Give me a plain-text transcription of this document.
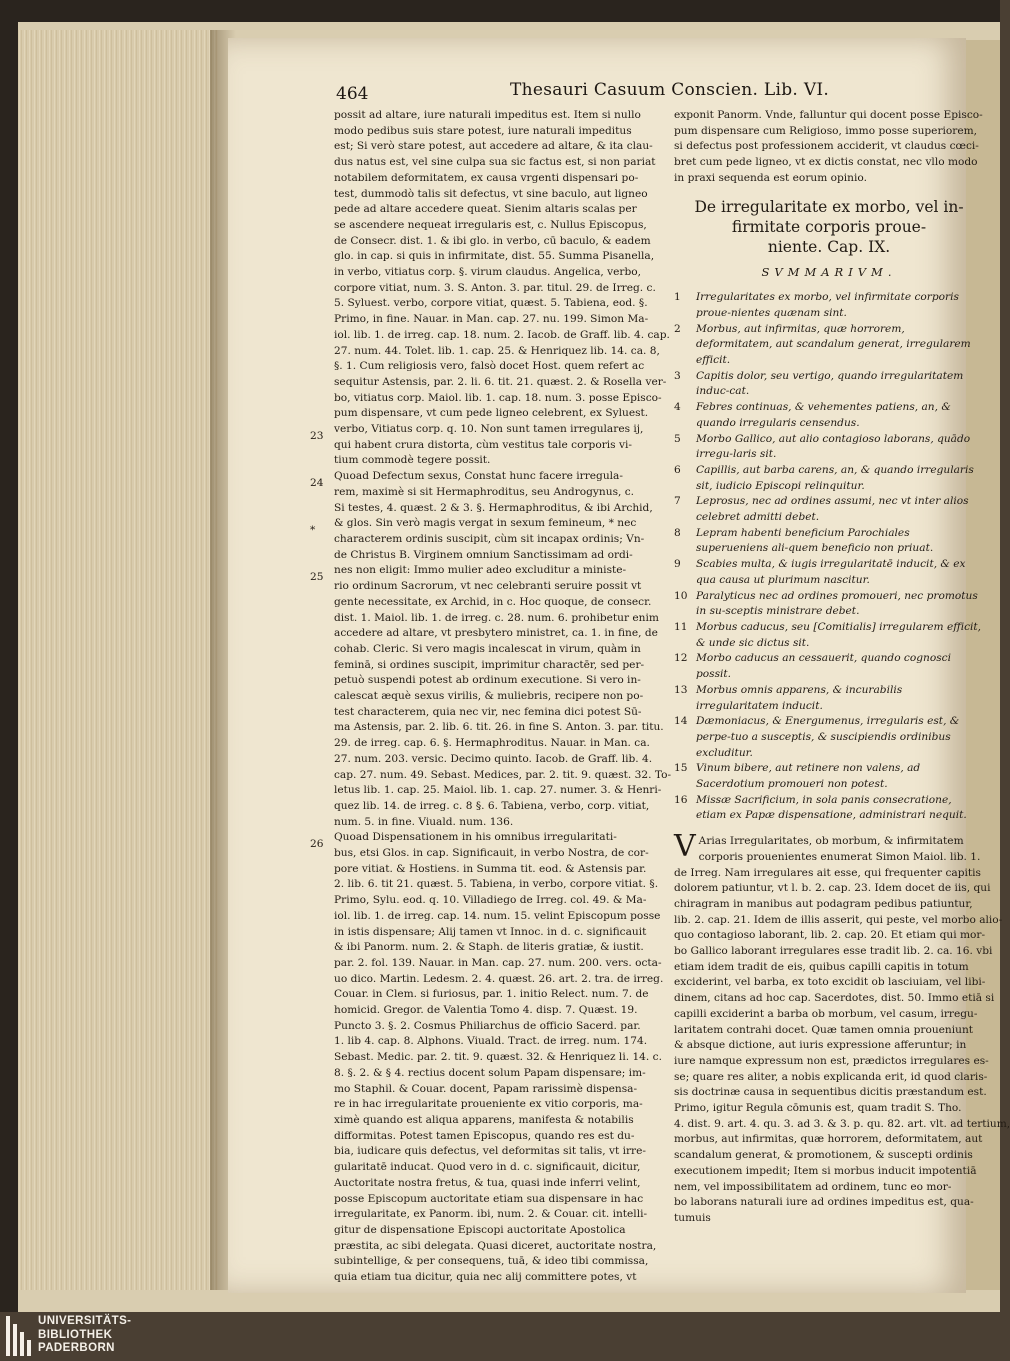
464	Thesauri Casuum Conscien. Lib. VI.
possit ad altare, iure naturali impeditus est. Item si nullo
modo pedibus suis stare potest, iure naturali impeditus
est; Si verò stare potest, aut accedere ad altare, & ita clau-
dus natus est, vel sine culpa sua sic factus est, si non pariat
notabilem deformitatem, ex causa vrgenti dispensari po-
test, dummodò talis sit defectus, vt sine baculo, aut ligneo
pede ad altare accedere queat. Sienim altaris scalas per
se ascendere nequeat irregularis est, c. Nullus Episcopus,
de Consecr. dist. 1. & ibi glo. in verbo, cū baculo, & eadem
glo. in cap. si quis in infirmitate, dist. 55. Summa Pisanella,
in verbo, vitiatus corp. §. virum claudus. Angelica, verbo,
corpore vitiat, num. 3. S. Anton. 3. par. titul. 29. de Irreg. c.
5. Syluest. verbo, corpore vitiat, quæst. 5. Tabiena, eod. §.
Primo, in fine. Nauar. in Man. cap. 27. nu. 199. Simon Ma-
iol. lib. 1. de irreg. cap. 18. num. 2. Iacob. de Graff. lib. 4. cap.
27. num. 44. Tolet. lib. 1. cap. 25. & Henriquez lib. 14. ca. 8,
§. 1. Cum religiosis vero, falsò docet Host. quem refert ac
sequitur Astensis, par. 2. li. 6. tit. 21. quæst. 2. & Rosella ver-
bo, vitiatus corp. Maiol. lib. 1. cap. 18. num. 3. posse Episco-
pum dispensare, vt cum pede ligneo celebrent, ex Syluest.
verbo, Vitiatus corp. q. 10. Non sunt tamen irregulares ij,
qui habent crura distorta, cùm vestitus tale corporis vi-
tium commodè tegere possit.
Quoad Defectum sexus, Constat hunc facere irregula-
rem, maximè si sit Hermaphroditus, seu Androgynus, c.
Si testes, 4. quæst. 2 & 3. §. Hermaphroditus, & ibi Archid,
& glos. Sin verò magis vergat in sexum femineum, * nec
characterem ordinis suscipit, cùm sit incapax ordinis; Vn-
de Christus B. Virginem omnium Sanctissimam ad ordi-
nes non eligit: Immo mulier adeo excluditur a ministe-
rio ordinum Sacrorum, vt nec celebranti seruire possit vt
gente necessitate, ex Archid, in c. Hoc quoque, de consecr.
dist. 1. Maiol. lib. 1. de irreg. c. 28. num. 6. prohibetur enim
accedere ad altare, vt presbytero ministret, ca. 1. in fine, de
cohab. Cleric. Si vero magis incalescat in virum, quàm in
feminā, si ordines suscipit, imprimitur charactēr, sed per-
petuò suspendi potest ab ordinum executione. Si vero in-
calescat æquè sexus virilis, & muliebris, recipere non po-
test characterem, quia nec vir, nec femina dici potest Sū-
ma Astensis, par. 2. lib. 6. tit. 26. in fine S. Anton. 3. par. titu.
29. de irreg. cap. 6. §. Hermaphroditus. Nauar. in Man. ca.
27. num. 203. versic. Decimo quinto. Iacob. de Graff. lib. 4.
cap. 27. num. 49. Sebast. Medices, par. 2. tit. 9. quæst. 32. To-
letus lib. 1. cap. 25. Maiol. lib. 1. cap. 27. numer. 3. & Henri-
quez lib. 14. de irreg. c. 8 §. 6. Tabiena, verbo, corp. vitiat,
num. 5. in fine. Viuald. num. 136.
Quoad Dispensationem in his omnibus irregularitati-
bus, etsi Glos. in cap. Significauit, in verbo Nostra, de cor-
pore vitiat. & Hostiens. in Summa tit. eod. & Astensis par.
2. lib. 6. tit 21. quæst. 5. Tabiena, in verbo, corpore vitiat. §.
Primo, Sylu. eod. q. 10. Villadiego de Irreg. col. 49. & Ma-
iol. lib. 1. de irreg. cap. 14. num. 15. velint Episcopum posse
in istis dispensare; Alij tamen vt Innoc. in d. c. significauit
& ibi Panorm. num. 2. & Staph. de literis gratiæ, & iustit.
par. 2. fol. 139. Nauar. in Man. cap. 27. num. 200. vers. octa-
uo dico. Martin. Ledesm. 2. 4. quæst. 26. art. 2. tra. de irreg.
Couar. in Clem. si furiosus, par. 1. initio Relect. num. 7. de
homicid. Gregor. de Valentia Tomo 4. disp. 7. Quæst. 19.
Puncto 3. §. 2. Cosmus Philiarchus de officio Sacerd. par.
1. lib 4. cap. 8. Alphons. Viuald. Tract. de irreg. num. 174.
Sebast. Medic. par. 2. tit. 9. quæst. 32. & Henriquez li. 14. c.
8. §. 2. & § 4. rectius docent solum Papam dispensare; im-
mo Staphil. & Couar. docent, Papam rarissimè dispensa-
re in hac irregularitate proueniente ex vitio corporis, ma-
ximè quando est aliqua apparens, manifesta & notabilis
difformitas. Potest tamen Episcopus, quando res est du-
bia, iudicare quis defectus, vel deformitas sit talis, vt irre-
gularitatē inducat. Quod vero in d. c. significauit, dicitur,
Auctoritate nostra fretus, & tua, quasi inde inferri velint,
posse Episcopum auctoritate etiam sua dispensare in hac
irregularitate, ex Panorm. ibi, num. 2. & Couar. cit. intelli-
gitur de dispensatione Episcopi auctoritate Apostolica
præstita, ac sibi delegata. Quasi diceret, auctoritate nostra,
subintellige, & per consequens, tuā, & ideo tibi commissa,
quia etiam tua dicitur, quia nec alij committere potes, vt
exponit Panorm. Vnde, falluntur qui docent posse Episco-
pum dispensare cum Religioso, immo posse superiorem,
si defectus post professionem acciderit, vt claudus cœci-
bret cum pede ligneo, vt ex dictis constat, nec vllo modo
in praxi sequenda est eorum opinio.
De irregularitate ex morbo, vel in-
firmitate corporis proue-
niente. Cap. IX.
SVMMARIVM.
1	Irregularitates ex morbo, vel infirmitate corporis proue-nientes quænam sint.
2	Morbus, aut infirmitas, quæ horrorem, deformitatem, aut scandalum generat, irregularem efficit.
3	Capitis dolor, seu vertigo, quando irregularitatem induc-cat.
4	Febres continuas, & vehementes patiens, an, & quando irregularis censendus.
5	Morbo Gallico, aut alio contagioso laborans, quādo irregu-laris sit.
6	Capillis, aut barba carens, an, & quando irregularis sit, iudicio Episcopi relinquitur.
7	Leprosus, nec ad ordines assumi, nec vt inter alios celebret admitti debet.
8	Lepram habenti beneficium Parochiales superueniens ali-quem beneficio non priuat.
9	Scabies multa, & iugis irregularitatē inducit, & ex qua causa ut plurimum nascitur.
10 Paralyticus nec ad ordines promoueri, nec promotus in su-sceptis ministrare debet.
11 Morbus caducus, seu [Comitialis] irregularem efficit, & unde sic dictus sit.
12 Morbo caducus an cessauerit, quando cognosci possit.
13 Morbus omnis apparens, & incurabilis irregularitatem inducit.
14 Dæmoniacus, & Energumenus, irregularis est, & perpe-tuo a susceptis, & suscipiendis ordinibus excluditur.
15 Vinum bibere, aut retinere non valens, ad Sacerdotium promoueri non potest.
16 Missæ Sacrificium, in sola panis consecratione, etiam ex Papæ dispensatione, administrari nequit.
V Arias Irregularitates, ob morbum, & infirmitatem
corporis prouenientes enumerat Simon Maiol. lib. 1.
de Irreg. Nam irregulares ait esse, qui frequenter capitis
dolorem patiuntur, vt l. b. 2. cap. 23. Idem docet de iis, qui
chiragram in manibus aut podagram pedibus patiuntur,
lib. 2. cap. 21. Idem de illis asserit, qui peste, vel morbo alio-
quo contagioso laborant, lib. 2. cap. 20. Et etiam qui mor-
bo Gallico laborant irregulares esse tradit lib. 2. ca. 16. vbi
etiam idem tradit de eis, quibus capilli capitis in totum
exciderint, vel barba, ex toto excidit ob lasciuiam, vel libi-
dinem, citans ad hoc cap. Sacerdotes, dist. 50. Immo etiā si
capilli exciderint a barba ob morbum, vel casum, irregu-
laritatem contrahi docet. Quæ tamen omnia proueniunt
& absque dictione, aut iuris expressione afferuntur; in
iure namque expressum non est, prædictos irregulares es-
se; quare res aliter, a nobis explicanda erit, id quod claris-
sis doctrinæ causa in sequentibus dicitis præstandum est.
Primo, igitur Regula cōmunis est, quam tradit S. Tho.
4. dist. 9. art. 4. qu. 3. ad 3. & 3. p. qu. 82. art. vlt. ad tertium,
morbus, aut infirmitas, quæ horrorem, deformitatem, aut
scandalum generat, & promotionem, & suscepti ordinis
executionem impedit; Item si morbus inducit impotentiā
nem, vel impossibilitatem ad ordinem, tunc eo mor-
bo laborans naturali iure ad ordines impeditus est, qua-
tumuis
23
24
*
25
26
UNIVERSITÄTS-
BIBLIOTHEK
PADERBORN
